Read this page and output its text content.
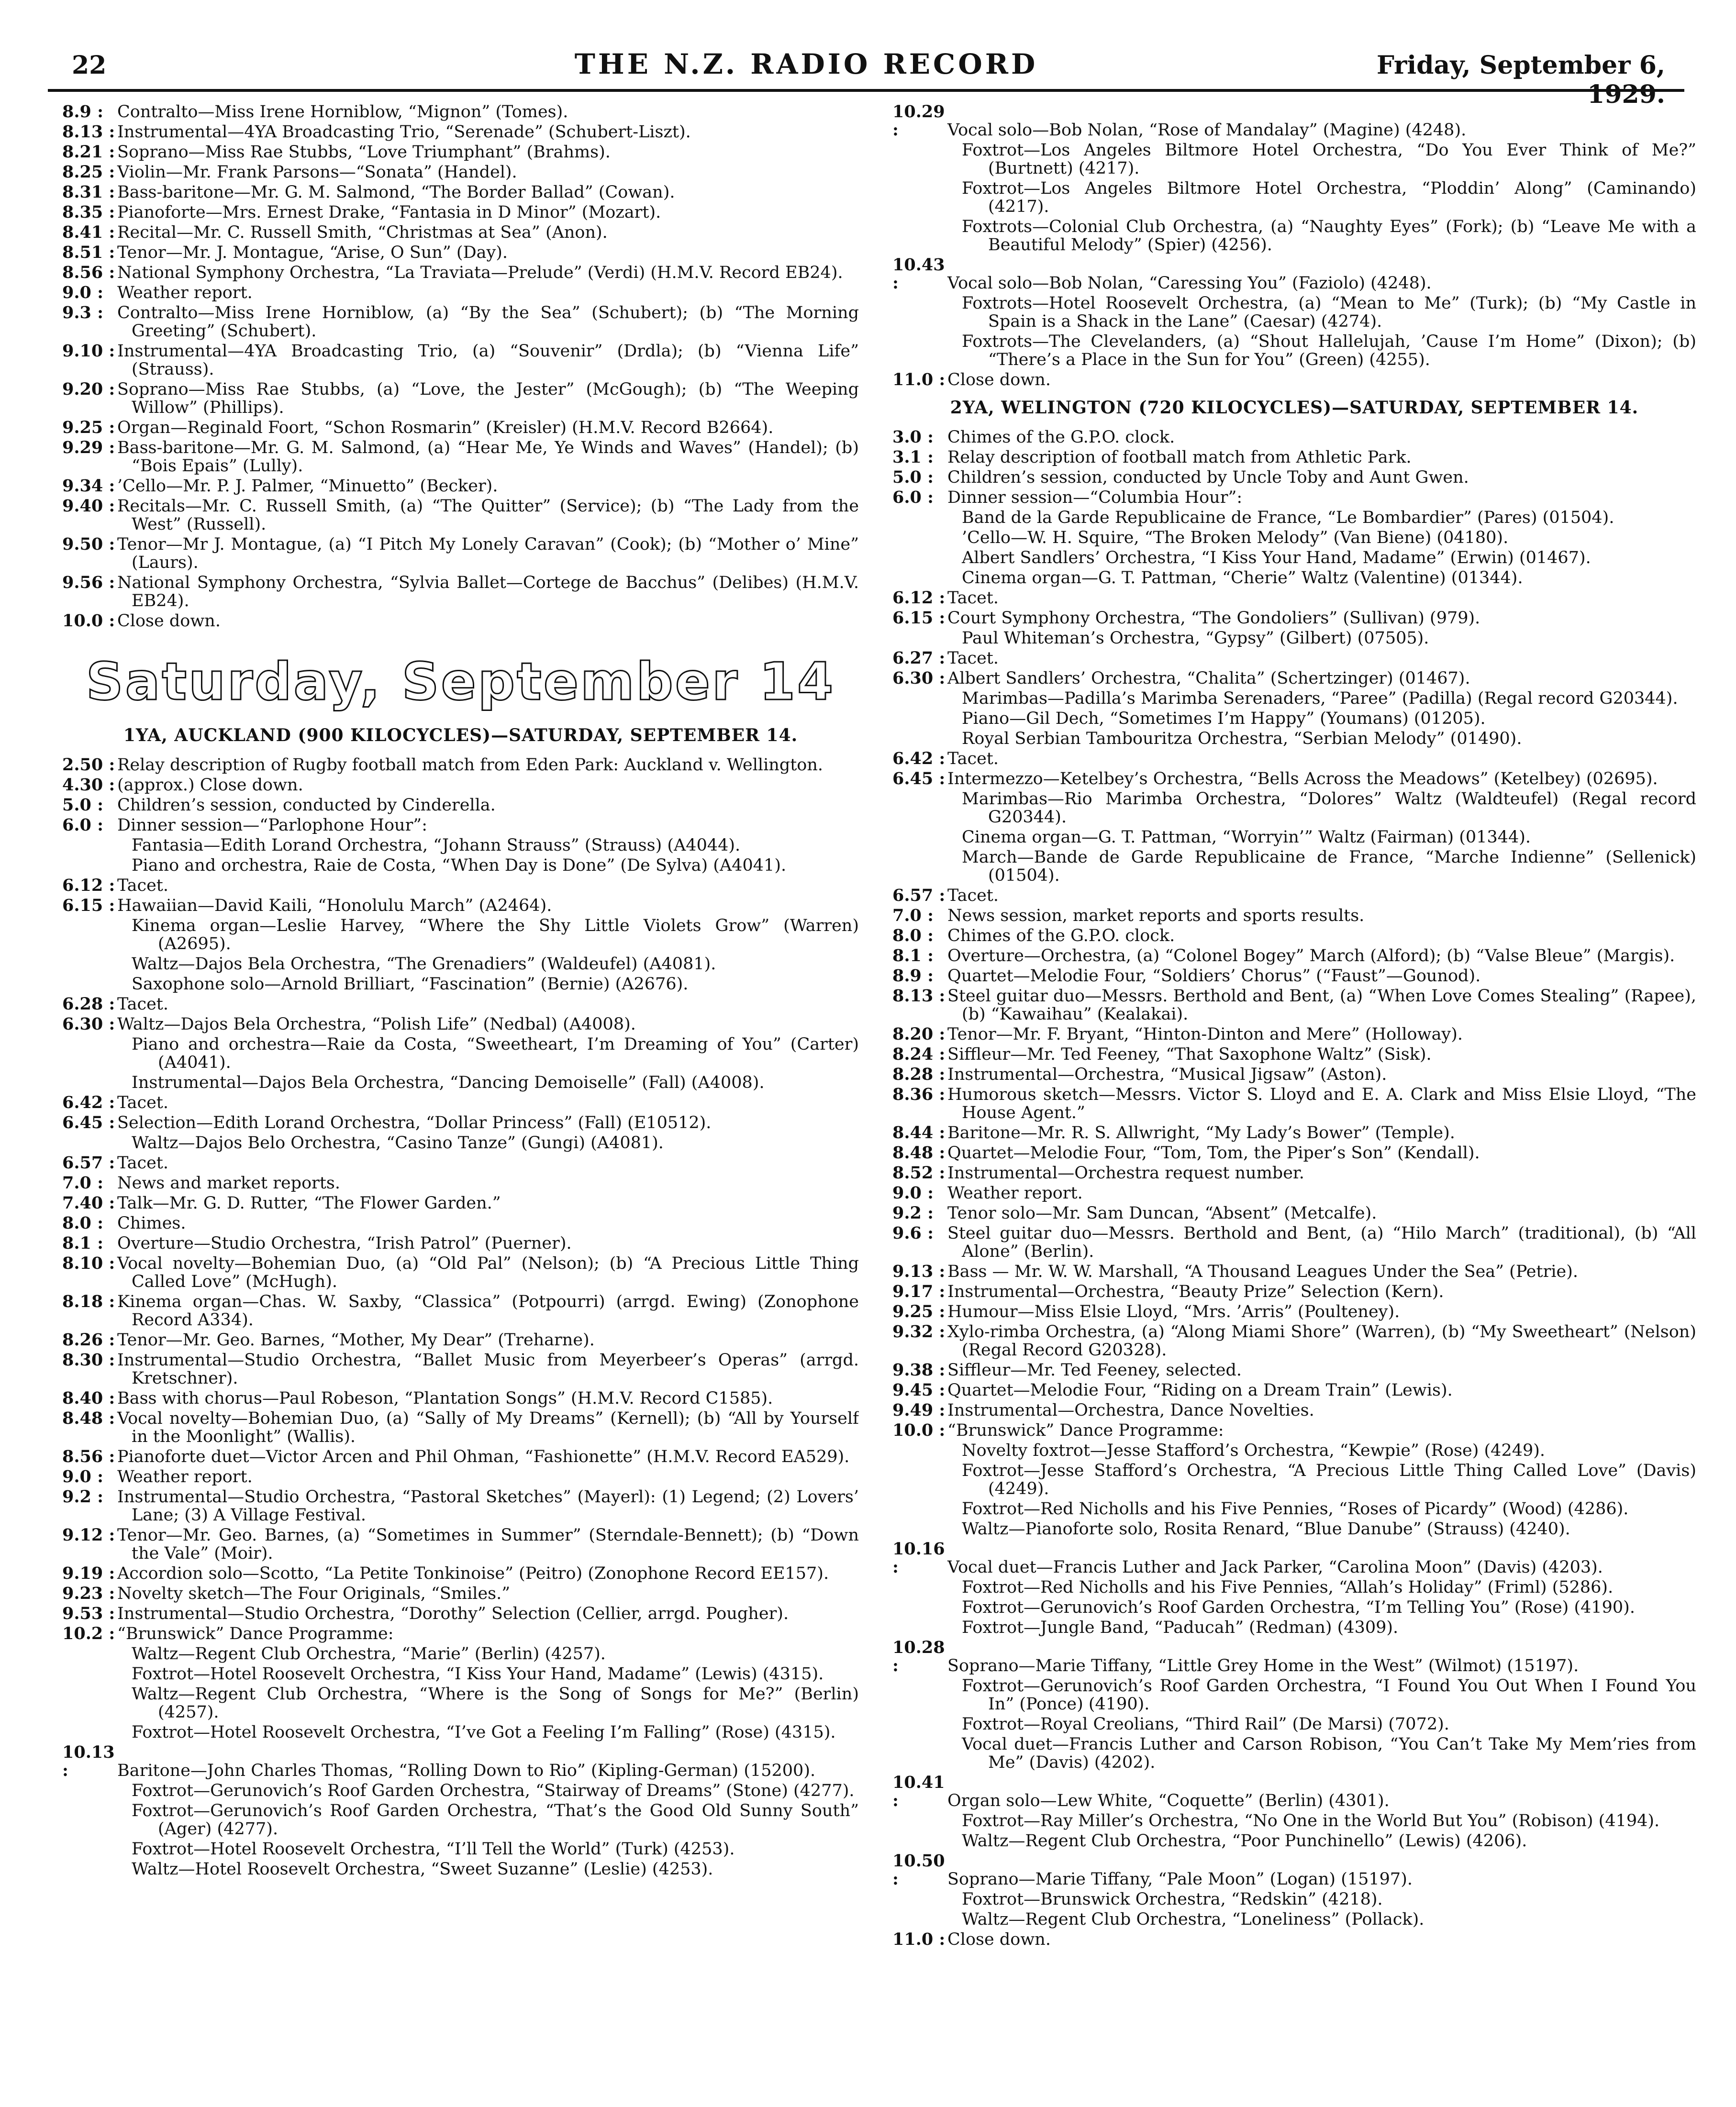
22	THE N.Z. RADIO RECORD	Friday, September 6, 1929.
8.9 : Contralto—Miss Irene Horniblow, “Mignon” (Tomes).
8.13 : Instrumental—4YA Broadcasting Trio, “Serenade” (Schubert-Liszt).
8.21 : Soprano—Miss Rae Stubbs, “Love Triumphant” (Brahms).
8.25 : Violin—Mr. Frank Parsons—“Sonata” (Handel).
8.31 : Bass-baritone—Mr. G. M. Salmond, “The Border Ballad” (Cowan).
8.35 : Pianoforte—Mrs. Ernest Drake, “Fantasia in D Minor” (Mozart).
8.41 : Recital—Mr. C. Russell Smith, “Christmas at Sea” (Anon).
8.51 : Tenor—Mr. J. Montague, “Arise, O Sun” (Day).
8.56 : National Symphony Orchestra, “La Traviata—Prelude” (Verdi) (H.M.V. Record EB24).
9.0 : Weather report.
9.3 : Contralto—Miss Irene Horniblow, (a) “By the Sea” (Schubert); (b) “The Morning Greeting” (Schubert).
9.10 : Instrumental—4YA Broadcasting Trio, (a) “Souvenir” (Drdla); (b) “Vienna Life” (Strauss).
9.20 : Soprano—Miss Rae Stubbs, (a) “Love, the Jester” (McGough); (b) “The Weeping Willow” (Phillips).
9.25 : Organ—Reginald Foort, “Schon Rosmarin” (Kreisler) (H.M.V. Record B2664).
9.29 : Bass-baritone—Mr. G. M. Salmond, (a) “Hear Me, Ye Winds and Waves” (Handel); (b) “Bois Epais” (Lully).
9.34 : ’Cello—Mr. P. J. Palmer, “Minuetto” (Becker).
9.40 : Recitals—Mr. C. Russell Smith, (a) “The Quitter” (Service); (b) “The Lady from the West” (Russell).
9.50 : Tenor—Mr J. Montague, (a) “I Pitch My Lonely Caravan” (Cook); (b) “Mother o’ Mine” (Laurs).
9.56 : National Symphony Orchestra, “Sylvia Ballet—Cortege de Bacchus” (Delibes) (H.M.V. EB24).
10.0 : Close down.
Saturday, September 14
1YA, AUCKLAND (900 KILOCYCLES)—SATURDAY, SEPTEMBER 14.
2.50 : Relay description of Rugby football match from Eden Park: Auckland v. Wellington.
4.30 : (approx.) Close down.
5.0 : Children’s session, conducted by Cinderella.
6.0 : Dinner session—“Parlophone Hour”:
Fantasia—Edith Lorand Orchestra, “Johann Strauss” (Strauss) (A4044).
Piano and orchestra, Raie de Costa, “When Day is Done” (De Sylva) (A4041).
6.12 : Tacet.
6.15 : Hawaiian—David Kaili, “Honolulu March” (A2464).
Kinema organ—Leslie Harvey, “Where the Shy Little Violets Grow” (Warren) (A2695).
Waltz—Dajos Bela Orchestra, “The Grenadiers” (Waldeufel) (A4081).
Saxophone solo—Arnold Brilliart, “Fascination” (Bernie) (A2676).
6.28 : Tacet.
6.30 : Waltz—Dajos Bela Orchestra, “Polish Life” (Nedbal) (A4008).
Piano and orchestra—Raie da Costa, “Sweetheart, I’m Dreaming of You” (Carter) (A4041).
Instrumental—Dajos Bela Orchestra, “Dancing Demoiselle” (Fall) (A4008).
6.42 : Tacet.
6.45 : Selection—Edith Lorand Orchestra, “Dollar Princess” (Fall) (E10512).
Waltz—Dajos Belo Orchestra, “Casino Tanze” (Gungi) (A4081).
6.57 : Tacet.
7.0 : News and market reports.
7.40 : Talk—Mr. G. D. Rutter, “The Flower Garden.”
8.0 : Chimes.
8.1 : Overture—Studio Orchestra, “Irish Patrol” (Puerner).
8.10 : Vocal novelty—Bohemian Duo, (a) “Old Pal” (Nelson); (b) “A Precious Little Thing Called Love” (McHugh).
8.18 : Kinema organ—Chas. W. Saxby, “Classica” (Potpourri) (arrgd. Ewing) (Zonophone Record A334).
8.26 : Tenor—Mr. Geo. Barnes, “Mother, My Dear” (Treharne).
8.30 : Instrumental—Studio Orchestra, “Ballet Music from Meyerbeer’s Operas” (arrgd. Kretschner).
8.40 : Bass with chorus—Paul Robeson, “Plantation Songs” (H.M.V. Record C1585).
8.48 : Vocal novelty—Bohemian Duo, (a) “Sally of My Dreams” (Kernell); (b) “All by Yourself in the Moonlight” (Wallis).
8.56 : Pianoforte duet—Victor Arcen and Phil Ohman, “Fashionette” (H.M.V. Record EA529).
9.0 : Weather report.
9.2 : Instrumental—Studio Orchestra, “Pastoral Sketches” (Mayerl): (1) Legend; (2) Lovers’ Lane; (3) A Village Festival.
9.12 : Tenor—Mr. Geo. Barnes, (a) “Sometimes in Summer” (Sterndale-Bennett); (b) “Down the Vale” (Moir).
9.19 : Accordion solo—Scotto, “La Petite Tonkinoise” (Peitro) (Zonophone Record EE157).
9.23 : Novelty sketch—The Four Originals, “Smiles.”
9.53 : Instrumental—Studio Orchestra, “Dorothy” Selection (Cellier, arrgd. Pougher).
10.2 : “Brunswick” Dance Programme:
Waltz—Regent Club Orchestra, “Marie” (Berlin) (4257).
Foxtrot—Hotel Roosevelt Orchestra, “I Kiss Your Hand, Madame” (Lewis) (4315).
Waltz—Regent Club Orchestra, “Where is the Song of Songs for Me?” (Berlin) (4257).
Foxtrot—Hotel Roosevelt Orchestra, “I’ve Got a Feeling I’m Falling” (Rose) (4315).
10.13 :Baritone—John Charles Thomas, “Rolling Down to Rio” (Kipling-German) (15200).
Foxtrot—Gerunovich’s Roof Garden Orchestra, “Stairway of Dreams” (Stone) (4277).
Foxtrot—Gerunovich’s Roof Garden Orchestra, “That’s the Good Old Sunny South” (Ager) (4277).
Foxtrot—Hotel Roosevelt Orchestra, “I’ll Tell the World” (Turk) (4253).
Waltz—Hotel Roosevelt Orchestra, “Sweet Suzanne” (Leslie) (4253).
10.29 :Vocal solo—Bob Nolan, “Rose of Mandalay” (Magine) (4248).
Foxtrot—Los Angeles Biltmore Hotel Orchestra, “Do You Ever Think of Me?” (Burtnett) (4217).
Foxtrot—Los Angeles Biltmore Hotel Orchestra, “Ploddin’ Along” (Caminando) (4217).
Foxtrots—Colonial Club Orchestra, (a) “Naughty Eyes” (Fork); (b) “Leave Me with a Beautiful Melody” (Spier) (4256).
10.43 :Vocal solo—Bob Nolan, “Caressing You” (Faziolo) (4248).
Foxtrots—Hotel Roosevelt Orchestra, (a) “Mean to Me” (Turk); (b) “My Castle in Spain is a Shack in the Lane” (Caesar) (4274).
Foxtrots—The Clevelanders, (a) “Shout Hallelujah, ’Cause I’m Home” (Dixon); (b) “There’s a Place in the Sun for You” (Green) (4255).
11.0 : Close down.
2YA, WELINGTON (720 KILOCYCLES)—SATURDAY, SEPTEMBER 14.
3.0 : Chimes of the G.P.O. clock.
3.1 : Relay description of football match from Athletic Park.
5.0 : Children’s session, conducted by Uncle Toby and Aunt Gwen.
6.0 : Dinner session—“Columbia Hour”:
Band de la Garde Republicaine de France, “Le Bombardier” (Pares) (01504).
’Cello—W. H. Squire, “The Broken Melody” (Van Biene) (04180).
Albert Sandlers’ Orchestra, “I Kiss Your Hand, Madame” (Erwin) (01467).
Cinema organ—G. T. Pattman, “Cherie” Waltz (Valentine) (01344).
6.12 : Tacet.
6.15 : Court Symphony Orchestra, “The Gondoliers” (Sullivan) (979).
Paul Whiteman’s Orchestra, “Gypsy” (Gilbert) (07505).
6.27 : Tacet.
6.30 : Albert Sandlers’ Orchestra, “Chalita” (Schertzinger) (01467).
Marimbas—Padilla’s Marimba Serenaders, “Paree” (Padilla) (Regal record G20344).
Piano—Gil Dech, “Sometimes I’m Happy” (Youmans) (01205).
Royal Serbian Tambouritza Orchestra, “Serbian Melody” (01490).
6.42 : Tacet.
6.45 : Intermezzo—Ketelbey’s Orchestra, “Bells Across the Meadows” (Ketelbey) (02695).
Marimbas—Rio Marimba Orchestra, “Dolores” Waltz (Waldteufel) (Regal record G20344).
Cinema organ—G. T. Pattman, “Worryin’” Waltz (Fairman) (01344).
March—Bande de Garde Republicaine de France, “Marche Indienne” (Sellenick) (01504).
6.57 : Tacet.
7.0 : News session, market reports and sports results.
8.0 : Chimes of the G.P.O. clock.
8.1 : Overture—Orchestra, (a) “Colonel Bogey” March (Alford); (b) “Valse Bleue” (Margis).
8.9 : Quartet—Melodie Four, “Soldiers’ Chorus” (“Faust”—Gounod).
8.13 : Steel guitar duo—Messrs. Berthold and Bent, (a) “When Love Comes Stealing” (Rapee), (b) “Kawaihau” (Kealakai).
8.20 : Tenor—Mr. F. Bryant, “Hinton-Dinton and Mere” (Holloway).
8.24 : Siffleur—Mr. Ted Feeney, “That Saxophone Waltz” (Sisk).
8.28 : Instrumental—Orchestra, “Musical Jigsaw” (Aston).
8.36 : Humorous sketch—Messrs. Victor S. Lloyd and E. A. Clark and Miss Elsie Lloyd, “The House Agent.”
8.44 : Baritone—Mr. R. S. Allwright, “My Lady’s Bower” (Temple).
8.48 : Quartet—Melodie Four, “Tom, Tom, the Piper’s Son” (Kendall).
8.52 : Instrumental—Orchestra request number.
9.0 : Weather report.
9.2 : Tenor solo—Mr. Sam Duncan, “Absent” (Metcalfe).
9.6 : Steel guitar duo—Messrs. Berthold and Bent, (a) “Hilo March” (traditional), (b) “All Alone” (Berlin).
9.13 : Bass — Mr. W. W. Marshall, “A Thousand Leagues Under the Sea” (Petrie).
9.17 : Instrumental—Orchestra, “Beauty Prize” Selection (Kern).
9.25 : Humour—Miss Elsie Lloyd, “Mrs. ’Arris” (Poulteney).
9.32 : Xylo-rimba Orchestra, (a) “Along Miami Shore” (Warren), (b) “My Sweetheart” (Nelson) (Regal Record G20328).
9.38 : Siffleur—Mr. Ted Feeney, selected.
9.45 : Quartet—Melodie Four, “Riding on a Dream Train” (Lewis).
9.49 : Instrumental—Orchestra, Dance Novelties.
10.0 : “Brunswick” Dance Programme:
Novelty foxtrot—Jesse Stafford’s Orchestra, “Kewpie” (Rose) (4249).
Foxtrot—Jesse Stafford’s Orchestra, “A Precious Little Thing Called Love” (Davis) (4249).
Foxtrot—Red Nicholls and his Five Pennies, “Roses of Picardy” (Wood) (4286).
Waltz—Pianoforte solo, Rosita Renard, “Blue Danube” (Strauss) (4240).
10.16 :Vocal duet—Francis Luther and Jack Parker, “Carolina Moon” (Davis) (4203).
Foxtrot—Red Nicholls and his Five Pennies, “Allah’s Holiday” (Friml) (5286).
Foxtrot—Gerunovich’s Roof Garden Orchestra, “I’m Telling You” (Rose) (4190).
Foxtrot—Jungle Band, “Paducah” (Redman) (4309).
10.28 :Soprano—Marie Tiffany, “Little Grey Home in the West” (Wilmot) (15197).
Foxtrot—Gerunovich’s Roof Garden Orchestra, “I Found You Out When I Found You In” (Ponce) (4190).
Foxtrot—Royal Creolians, “Third Rail” (De Marsi) (7072).
Vocal duet—Francis Luther and Carson Robison, “You Can’t Take My Mem’ries from Me” (Davis) (4202).
10.41 :Organ solo—Lew White, “Coquette” (Berlin) (4301).
Foxtrot—Ray Miller’s Orchestra, “No One in the World But You” (Robison) (4194).
Waltz—Regent Club Orchestra, “Poor Punchinello” (Lewis) (4206).
10.50 :Soprano—Marie Tiffany, “Pale Moon” (Logan) (15197).
Foxtrot—Brunswick Orchestra, “Redskin” (4218).
Waltz—Regent Club Orchestra, “Loneliness” (Pollack).
11.0 : Close down.
